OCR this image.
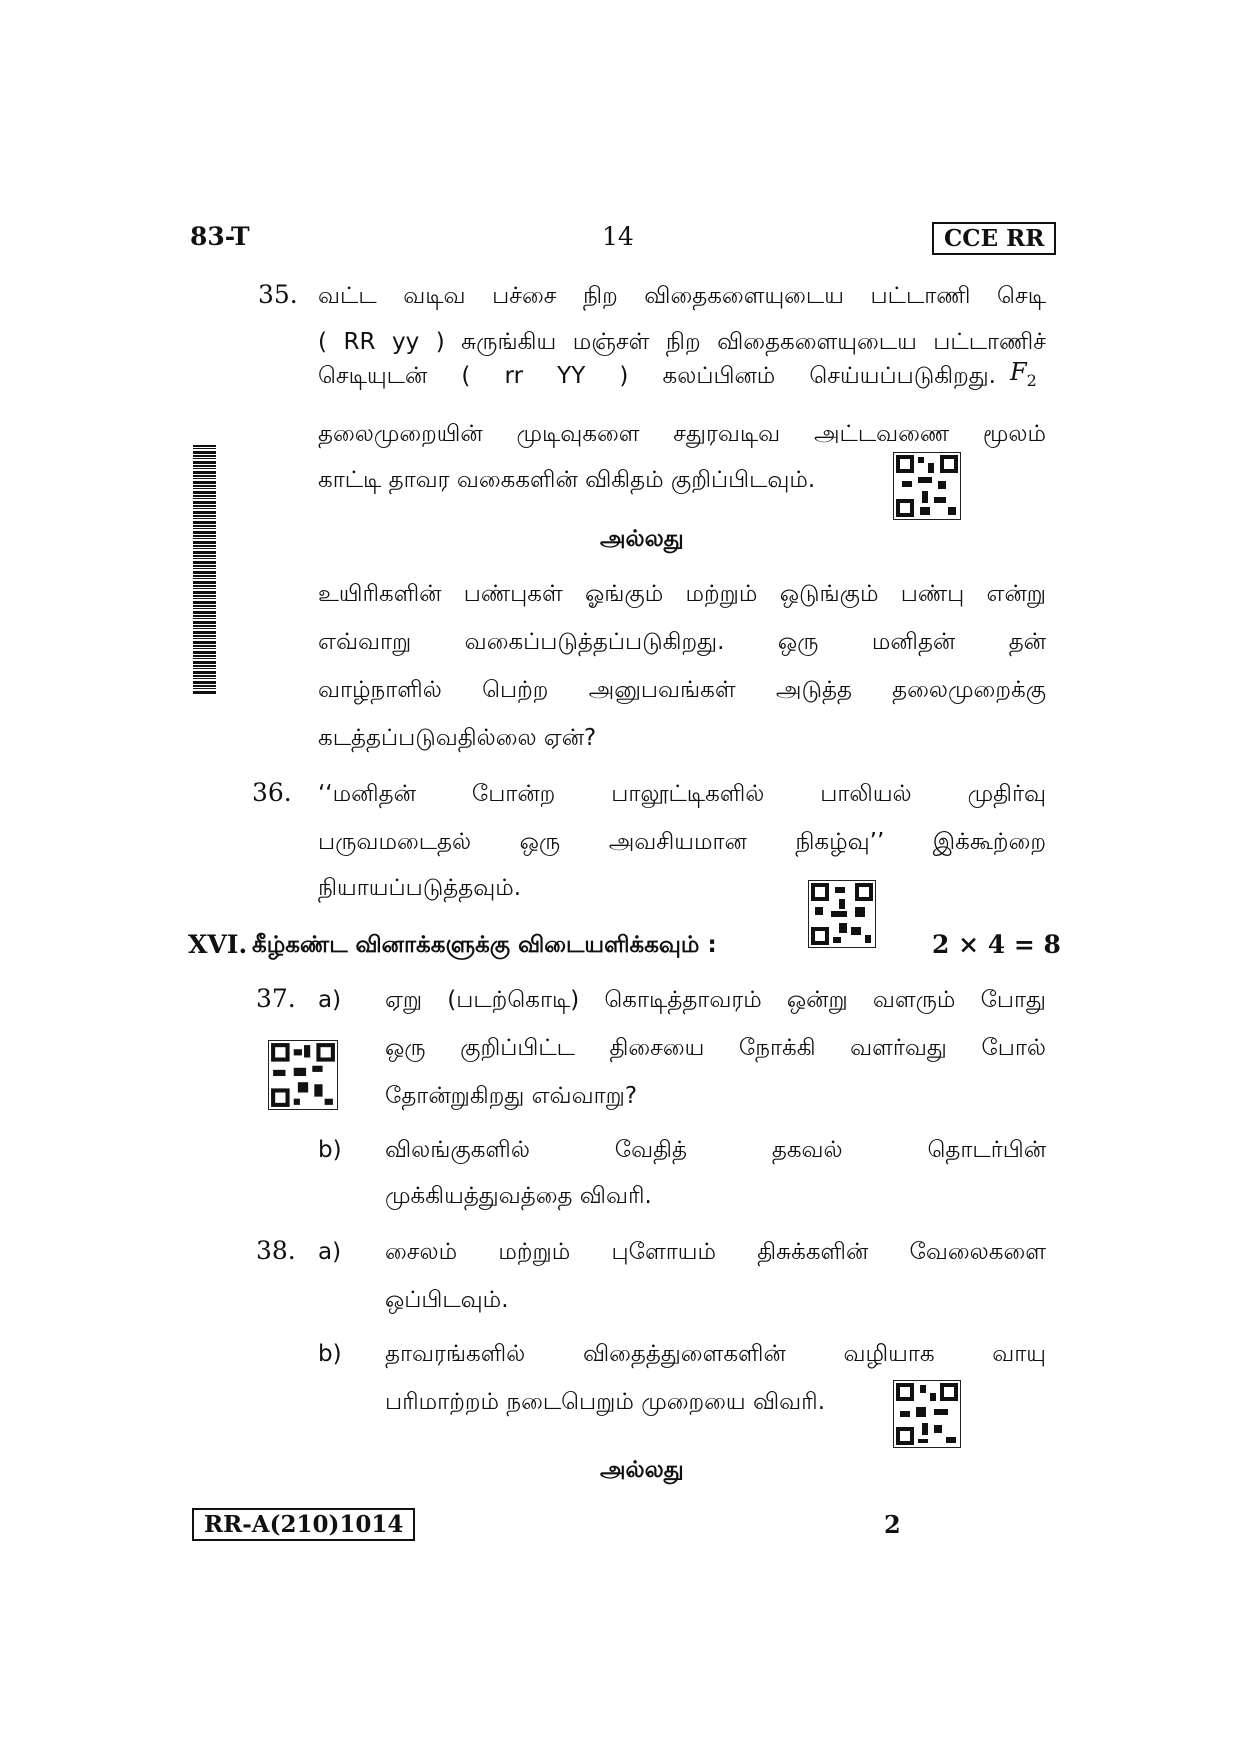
83-T	14	CCE RR
35. வட்ட வடிவ பச்சை நிற விதைகளையுடைய பட்டாணி செடி
( RR yy ) சுருங்கிய மஞ்சள் நிற விதைகளையுடைய பட்டாணிச்
செடியுடன் ( rr YY ) கலப்பினம் செய்யப்படுகிறது. $F_2$
தலைமுறையின் முடிவுகளை சதுரவடிவ அட்டவணை மூலம்
காட்டி தாவர வகைகளின் விகிதம் குறிப்பிடவும்.
அல்லது
உயிரிகளின் பண்புகள் ஓங்கும் மற்றும் ஒடுங்கும் பண்பு என்று
எவ்வாறு வகைப்படுத்தப்படுகிறது. ஒரு மனிதன் தன்
வாழ்நாளில் பெற்ற அனுபவங்கள் அடுத்த தலைமுறைக்கு
கடத்தப்படுவதில்லை ஏன்?
36. ‘‘மனிதன் போன்ற பாலூட்டிகளில் பாலியல் முதிர்வு
பருவமடைதல் ஒரு அவசியமான நிகழ்வு’’ இக்கூற்றை
நியாயப்படுத்தவும்.
XVI. கீழ்கண்ட வினாக்களுக்கு விடையளிக்கவும் :	2 × 4 = 8
37. a) ஏறு (படற்கொடி) கொடித்தாவரம் ஒன்று வளரும் போது
ஒரு குறிப்பிட்ட திசையை நோக்கி வளர்வது போல்
தோன்றுகிறது எவ்வாறு?
b) விலங்குகளில் வேதித் தகவல் தொடர்பின்
முக்கியத்துவத்தை விவரி.
38. a) சைலம் மற்றும் புளோயம் திசுக்களின் வேலைகளை
ஒப்பிடவும்.
b) தாவரங்களில் விதைத்துளைகளின் வழியாக வாயு
பரிமாற்றம் நடைபெறும் முறையை விவரி.
அல்லது
RR-A(210)1014	2
